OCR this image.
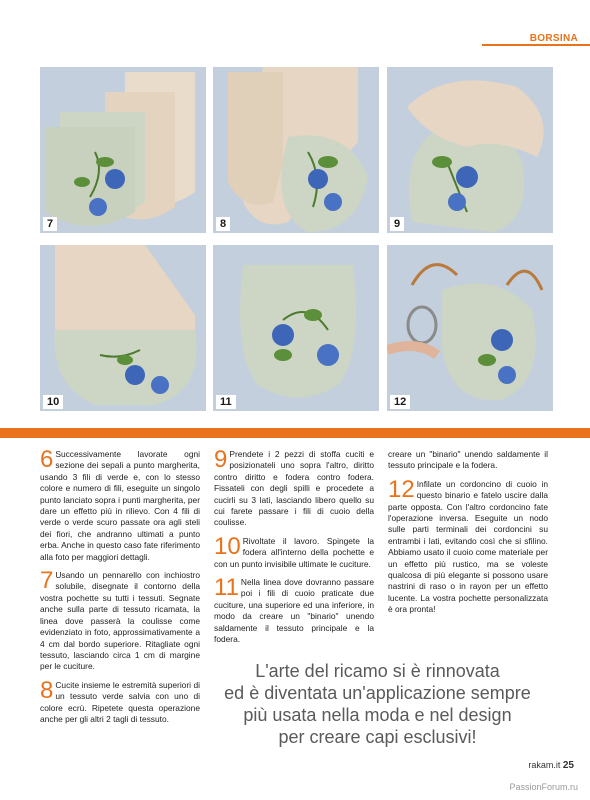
BORSINA
7	8	9
10	11	12

6 Successivamente lavorate ogni sezione dei sepali a punto margherita, usando 3 fili di verde e, con lo stesso colore e numero di fili, eseguite un singolo punto lanciato sopra i punti margherita, per dare un effetto più in rilievo. Con 4 fili di verde o verde scuro passate ora agli steli dei fiori, che andranno ultimati a punto erba. Anche in questo caso fate riferimento alla foto per maggiori dettagli.

7 Usando un pennarello con inchiostro solubile, disegnate il contorno della vostra pochette su tutti i tessuti. Segnate anche sulla parte di tessuto ricamata, la linea dove passerà la coulisse come evidenziato in foto, approssimativamente a 4 cm dal bordo superiore. Ritagliate ogni tessuto, lasciando circa 1 cm di margine per le cuciture.

8 Cucite insieme le estremità superiori di un tessuto verde salvia con uno di colore ecrù. Ripetete questa operazione anche per gli altri 2 tagli di tessuto.

9 Prendete i 2 pezzi di stoffa cuciti e posizionateli uno sopra l'altro, diritto contro diritto e fodera contro fodera. Fissateli con degli spilli e procedete a cucirli su 3 lati, lasciando libero quello su cui farete passare i fili di cuoio della coulisse.

10 Rivoltate il lavoro. Spingete la fodera all'interno della pochette e con un punto invisibile ultimate le cuciture.

11 Nella linea dove dovranno passare poi i fili di cuoio praticate due cuciture, una superiore ed una inferiore, in modo da creare un "binario" unendo saldamente il tessuto principale e la fodera.

creare un "binario" unendo saldamente il tessuto principale e la fodera.

12 Infilate un cordoncino di cuoio in questo binario e fatelo uscire dalla parte opposta. Con l'altro cordoncino fate l'operazione inversa. Eseguite un nodo sulle parti terminali dei cordoncini su entrambi i lati, evitando così che si sfilino. Abbiamo usato il cuoio come materiale per un effetto più rustico, ma se voleste qualcosa di più elegante si possono usare nastrini di raso o in rayon per un effetto lucente. La vostra pochette personalizzata è ora pronta!

L'arte del ricamo si è rinnovata
ed è diventata un'applicazione sempre
più usata nella moda e nel design
per creare capi esclusivi!
rakam.it 25
PassionForum.ru
